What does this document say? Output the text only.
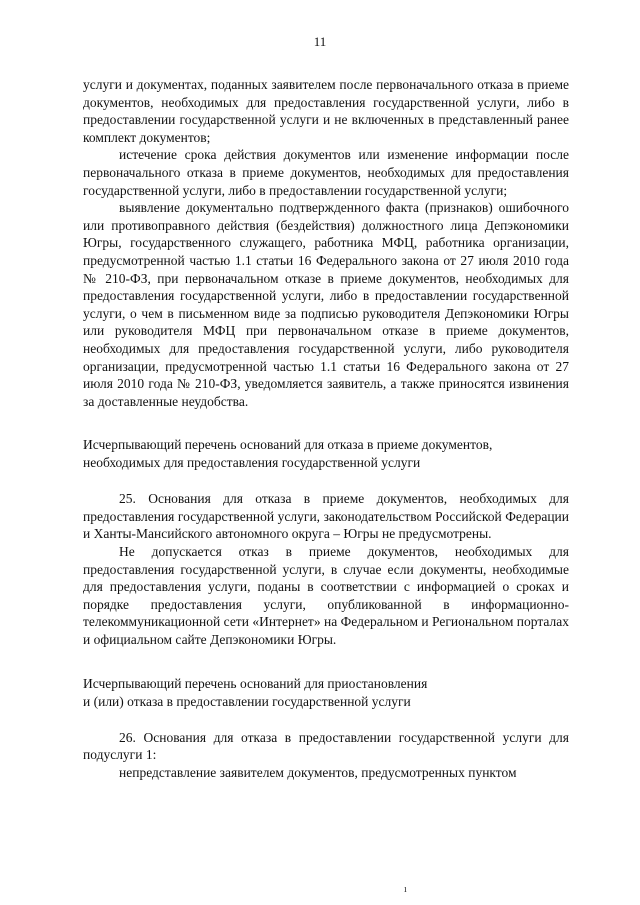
11

услуги и документах, поданных заявителем после первоначального отказа в приеме документов, необходимых для предоставления государственной услуги, либо в предоставлении государственной услуги и не включенных в представленный ранее комплект документов;

истечение срока действия документов или изменение информации после первоначального отказа в приеме документов, необходимых для предоставления государственной услуги, либо в предоставлении государственной услуги;

выявление документально подтвержденного факта (признаков) ошибочного или противоправного действия (бездействия) должностного лица Депэкономики Югры, государственного служащего, работника МФЦ, работника организации, предусмотренной частью 1.1 статьи 16 Федерального закона от 27 июля 2010 года № 210-ФЗ, при первоначальном отказе в приеме документов, необходимых для предоставления государственной услуги, либо в предоставлении государственной услуги, о чем в письменном виде за подписью руководителя Депэкономики Югры или руководителя МФЦ при первоначальном отказе в приеме документов, необходимых для предоставления государственной услуги, либо руководителя организации, предусмотренной частью 1.1 статьи 16 Федерального закона от 27 июля 2010 года № 210-ФЗ, уведомляется заявитель, а также приносятся извинения за доставленные неудобства.

Исчерпывающий перечень оснований для отказа в приеме документов,
необходимых для предоставления государственной услуги

25. Основания для отказа в приеме документов, необходимых для предоставления государственной услуги, законодательством Российской Федерации и Ханты-Мансийского автономного округа – Югры не предусмотрены.

Не допускается отказ в приеме документов, необходимых для предоставления государственной услуги, в случае если документы, необходимые для предоставления услуги, поданы в соответствии с информацией о сроках и порядке предоставления услуги, опубликованной в информационно-телекоммуникационной сети «Интернет» на Федеральном и Региональном порталах и официальном сайте Депэкономики Югры.

Исчерпывающий перечень оснований для приостановления
и (или) отказа в предоставлении государственной услуги

26. Основания для отказа в предоставлении государственной услуги для подуслуги 1:

непредставление заявителем документов, предусмотренных пунктом

ı
